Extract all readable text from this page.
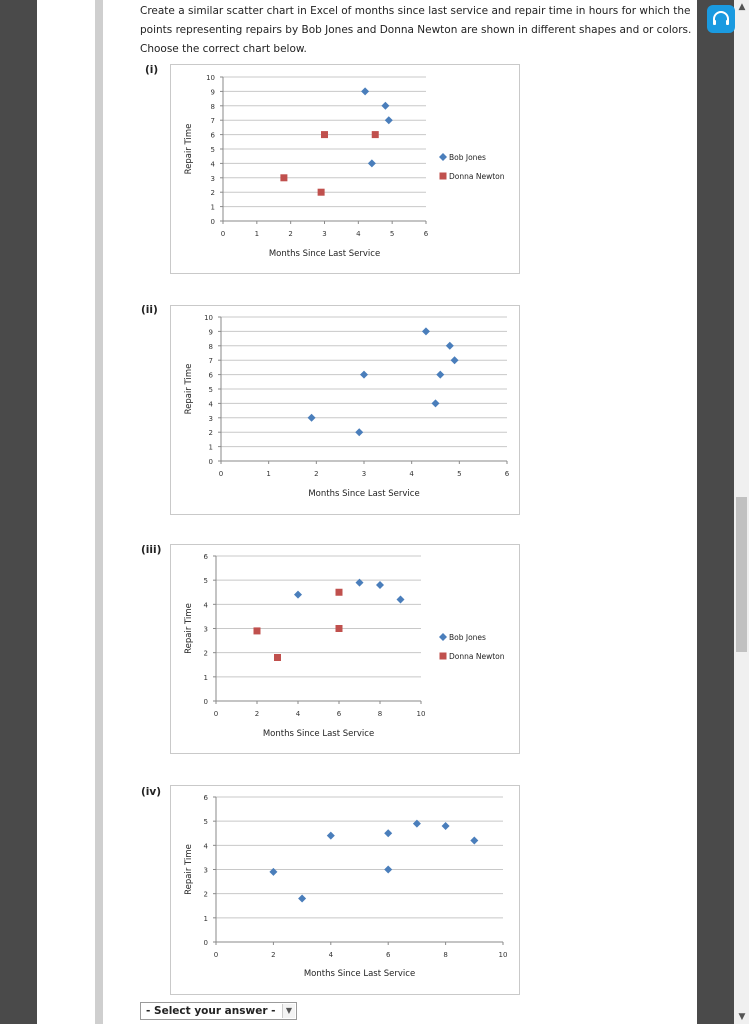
▲
▼
Create a similar scatter chart in Excel of months since last service and repair time in hours for which the points representing repairs by Bob Jones and Donna Newton are shown in different shapes and or colors. Choose the correct chart below.
(i)
(ii)
(iii)
(iv)
0
1
2
3
4
5
6
7
8
9
10
0	1	2	3	4	5	6
Months Since Last Service
Repair Time	Bob Jones
Donna Newton
0
1
2
3
4
5
6
7
8
9
10
0	1	2	3	4	5	6
Months Since Last Service
Repair Time
0
1
2
3
4
5
6
0	2	4	6	8	10
Months Since Last Service
Repair Time	Bob Jones
Donna Newton
0
1
2
3
4
5
6
0	2	4	6	8	10
Months Since Last Service
Repair Time
- Select your answer -	▼
